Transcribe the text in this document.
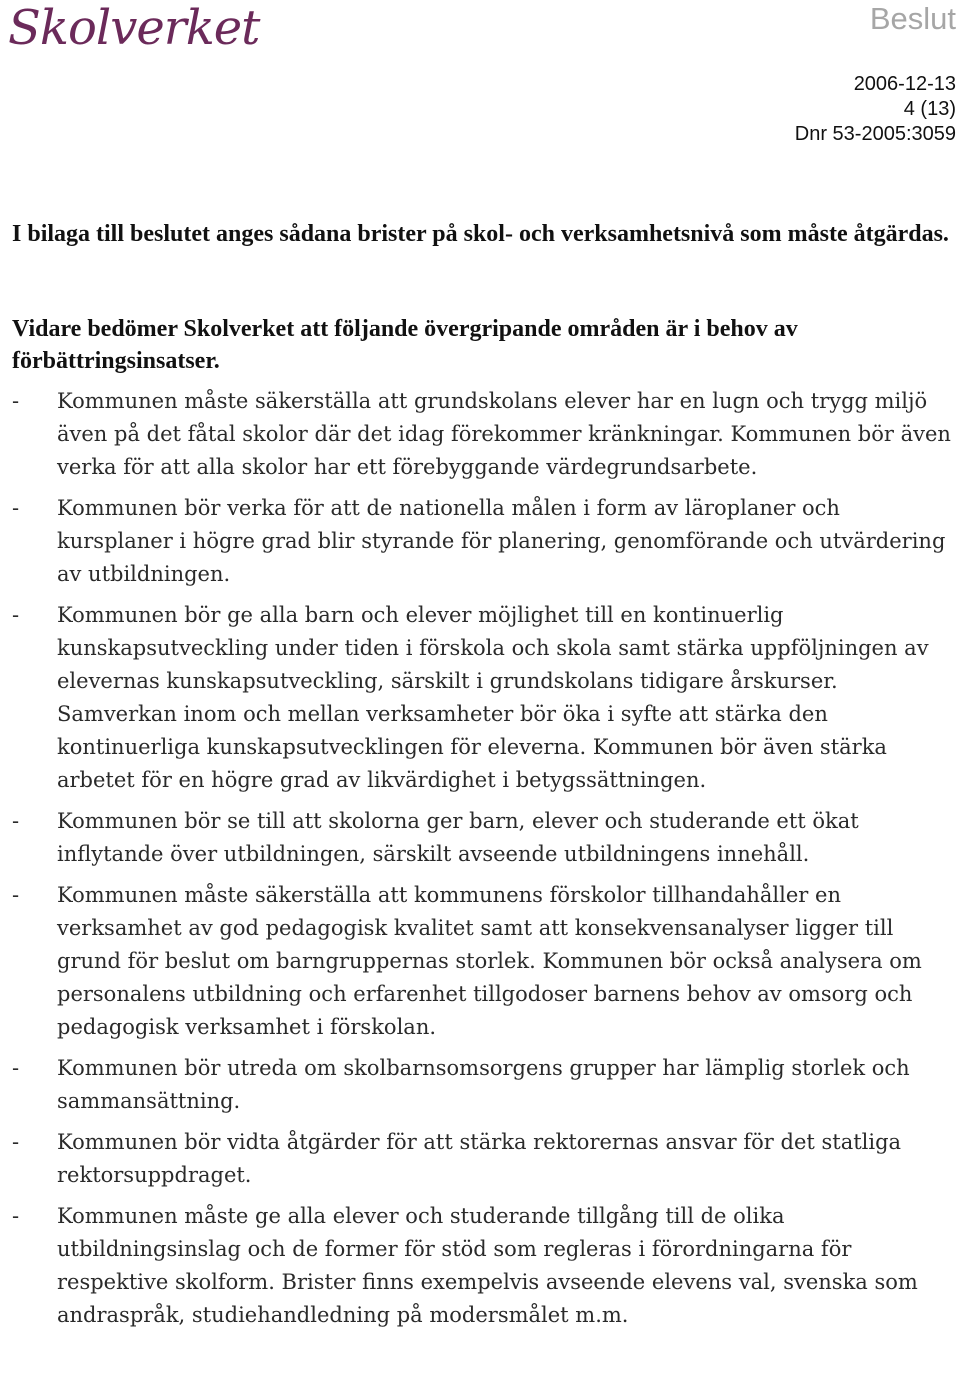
Skolverket	Beslut
2006-12-13
4 (13)
Dnr 53-2005:3059

I bilaga till beslutet anges sådana brister på skol- och verksamhetsnivå som måste åtgärdas.

Vidare bedömer Skolverket att följande övergripande områden är i behov av förbättringsinsatser.

- Kommunen måste säkerställa att grundskolans elever har en lugn och trygg miljö även på det fåtal skolor där det idag förekommer kränkningar. Kommunen bör även verka för att alla skolor har ett förebyggande värdegrundsarbete.
- Kommunen bör verka för att de nationella målen i form av läroplaner och kursplaner i högre grad blir styrande för planering, genomförande och utvärdering av utbildningen.
- Kommunen bör ge alla barn och elever möjlighet till en kontinuerlig kunskapsutveckling under tiden i förskola och skola samt stärka uppföljningen av elevernas kunskapsutveckling, särskilt i grundskolans tidigare årskurser. Samverkan inom och mellan verksamheter bör öka i syfte att stärka den kontinuerliga kunskapsutvecklingen för eleverna. Kommunen bör även stärka arbetet för en högre grad av likvärdighet i betygssättningen.
- Kommunen bör se till att skolorna ger barn, elever och studerande ett ökat inflytande över utbildningen, särskilt avseende utbildningens innehåll.
- Kommunen måste säkerställa att kommunens förskolor tillhandahåller en verksamhet av god pedagogisk kvalitet samt att konsekvensanalyser ligger till grund för beslut om barngruppernas storlek. Kommunen bör också analysera om personalens utbildning och erfarenhet tillgodoser barnens behov av omsorg och pedagogisk verksamhet i förskolan.
- Kommunen bör utreda om skolbarnsomsorgens grupper har lämplig storlek och sammansättning.
- Kommunen bör vidta åtgärder för att stärka rektorernas ansvar för det statliga rektorsuppdraget.
- Kommunen måste ge alla elever och studerande tillgång till de olika utbildningsinslag och de former för stöd som regleras i förordningarna för respektive skolform. Brister finns exempelvis avseende elevens val, svenska som andraspråk, studiehandledning på modersmålet m.m.
